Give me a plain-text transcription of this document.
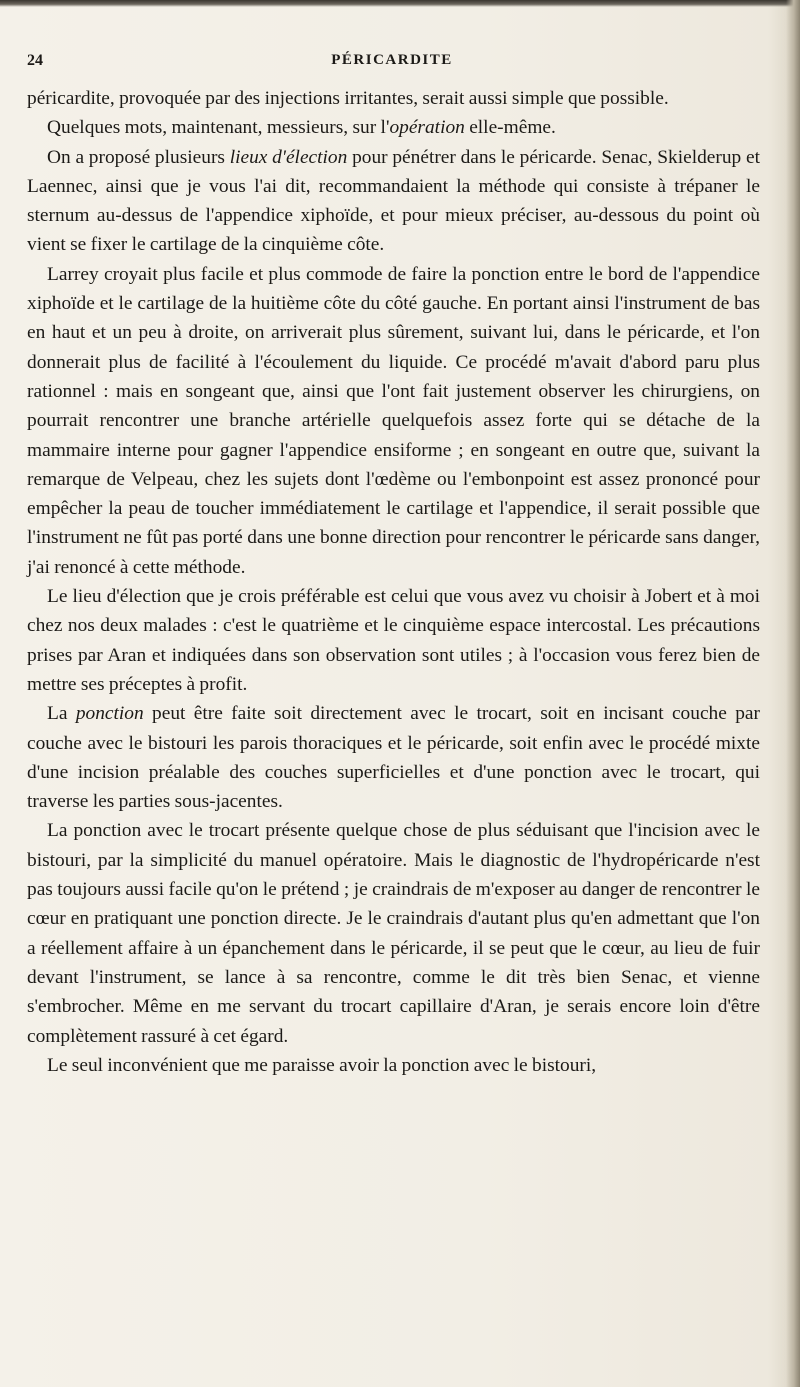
24	PÉRICARDITE

péricardite, provoquée par des injections irritantes, serait aussi simple que possible.

Quelques mots, maintenant, messieurs, sur l'opération elle-même.

On a proposé plusieurs lieux d'élection pour pénétrer dans le péricarde. Senac, Skielderup et Laennec, ainsi que je vous l'ai dit, recommandaient la méthode qui consiste à trépaner le sternum au-dessus de l'appendice xiphoïde, et pour mieux préciser, au-dessous du point où vient se fixer le cartilage de la cinquième côte.

Larrey croyait plus facile et plus commode de faire la ponction entre le bord de l'appendice xiphoïde et le cartilage de la huitième côte du côté gauche. En portant ainsi l'instrument de bas en haut et un peu à droite, on arriverait plus sûrement, suivant lui, dans le péricarde, et l'on donnerait plus de facilité à l'écoulement du liquide. Ce procédé m'avait d'abord paru plus rationnel : mais en songeant que, ainsi que l'ont fait justement observer les chirurgiens, on pourrait rencontrer une branche artérielle quelquefois assez forte qui se détache de la mammaire interne pour gagner l'appendice ensiforme ; en songeant en outre que, suivant la remarque de Velpeau, chez les sujets dont l'œdème ou l'embonpoint est assez prononcé pour empêcher la peau de toucher immédiatement le cartilage et l'appendice, il serait possible que l'instrument ne fût pas porté dans une bonne direction pour rencontrer le péricarde sans danger, j'ai renoncé à cette méthode.

Le lieu d'élection que je crois préférable est celui que vous avez vu choisir à Jobert et à moi chez nos deux malades : c'est le quatrième et le cinquième espace intercostal. Les précautions prises par Aran et indiquées dans son observation sont utiles ; à l'occasion vous ferez bien de mettre ses préceptes à profit.

La ponction peut être faite soit directement avec le trocart, soit en incisant couche par couche avec le bistouri les parois thoraciques et le péricarde, soit enfin avec le procédé mixte d'une incision préalable des couches superficielles et d'une ponction avec le trocart, qui traverse les parties sous-jacentes.

La ponction avec le trocart présente quelque chose de plus séduisant que l'incision avec le bistouri, par la simplicité du manuel opératoire. Mais le diagnostic de l'hydropéricarde n'est pas toujours aussi facile qu'on le prétend ; je craindrais de m'exposer au danger de rencontrer le cœur en pratiquant une ponction directe. Je le craindrais d'autant plus qu'en admettant que l'on a réellement affaire à un épanchement dans le péricarde, il se peut que le cœur, au lieu de fuir devant l'instrument, se lance à sa rencontre, comme le dit très bien Senac, et vienne s'embrocher. Même en me servant du trocart capillaire d'Aran, je serais encore loin d'être complètement rassuré à cet égard.

Le seul inconvénient que me paraisse avoir la ponction avec le bistouri,
